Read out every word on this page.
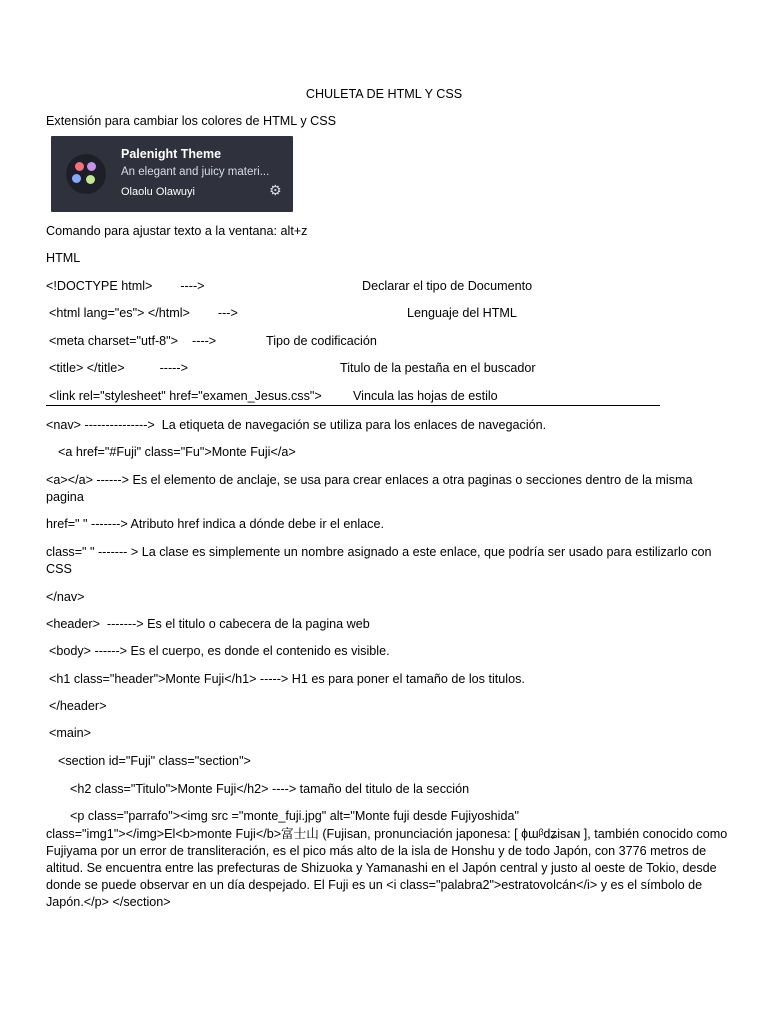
CHULETA DE HTML Y CSS
Extensión para cambiar los colores de HTML y CSS
Palenight Theme
An elegant and juicy materi...
Olaolu Olawuyi	⚙
Comando para ajustar texto a la ventana: alt+z
HTML
<!DOCTYPE html>        ---->	Declarar el tipo de Documento
<html lang="es"> </html>        --->	Lenguaje del HTML
<meta charset="utf-8">    ---->	Tipo de codificación
<title> </title>          ----->	Titulo de la pestaña en el buscador
<link rel="stylesheet" href="examen_Jesus.css"> Vincula las hojas de estilo
<nav> --------------->  La etiqueta de navegación se utiliza para los enlaces de navegación.
<a href="#Fuji" class="Fu">Monte Fuji</a>
<a></a> ------> Es el elemento de anclaje, se usa para crear enlaces a otra paginas o secciones dentro de la misma pagina
href=" " -------> Atributo href indica a dónde debe ir el enlace.
class=" " ------- > La clase es simplemente un nombre asignado a este enlace, que podría ser usado para estilizarlo con CSS
</nav>
<header>  -------> Es el titulo o cabecera de la pagina web
<body> ------> Es el cuerpo, es donde el contenido es visible.
<h1 class="header">Monte Fuji</h1> -----> H1 es para poner el tamaño de los titulos.
</header>
<main>
<section id="Fuji" class="section">
<h2 class="Titulo">Monte Fuji</h2> ----> tamaño del titulo de la sección
<p class="parrafo"><img src ="monte_fuji.jpg" alt="Monte fuji desde Fujiyoshida"
class="img1"></img>El<b>monte Fuji</b>富士山 (Fujisan, pronunciación japonesa: [ ɸɯᵝdʑisaɴ ], también conocido como Fujiyama por un error de transliteración, es el pico más alto de la isla de Honshu y de todo Japón, con 3776 metros de altitud. Se encuentra entre las prefecturas de Shizuoka y Yamanashi en el Japón central y justo al oeste de Tokio, desde donde se puede observar en un día despejado. El Fuji es un <i class="palabra2">estratovolcán</i> y es el símbolo de Japón.</p> </section>
